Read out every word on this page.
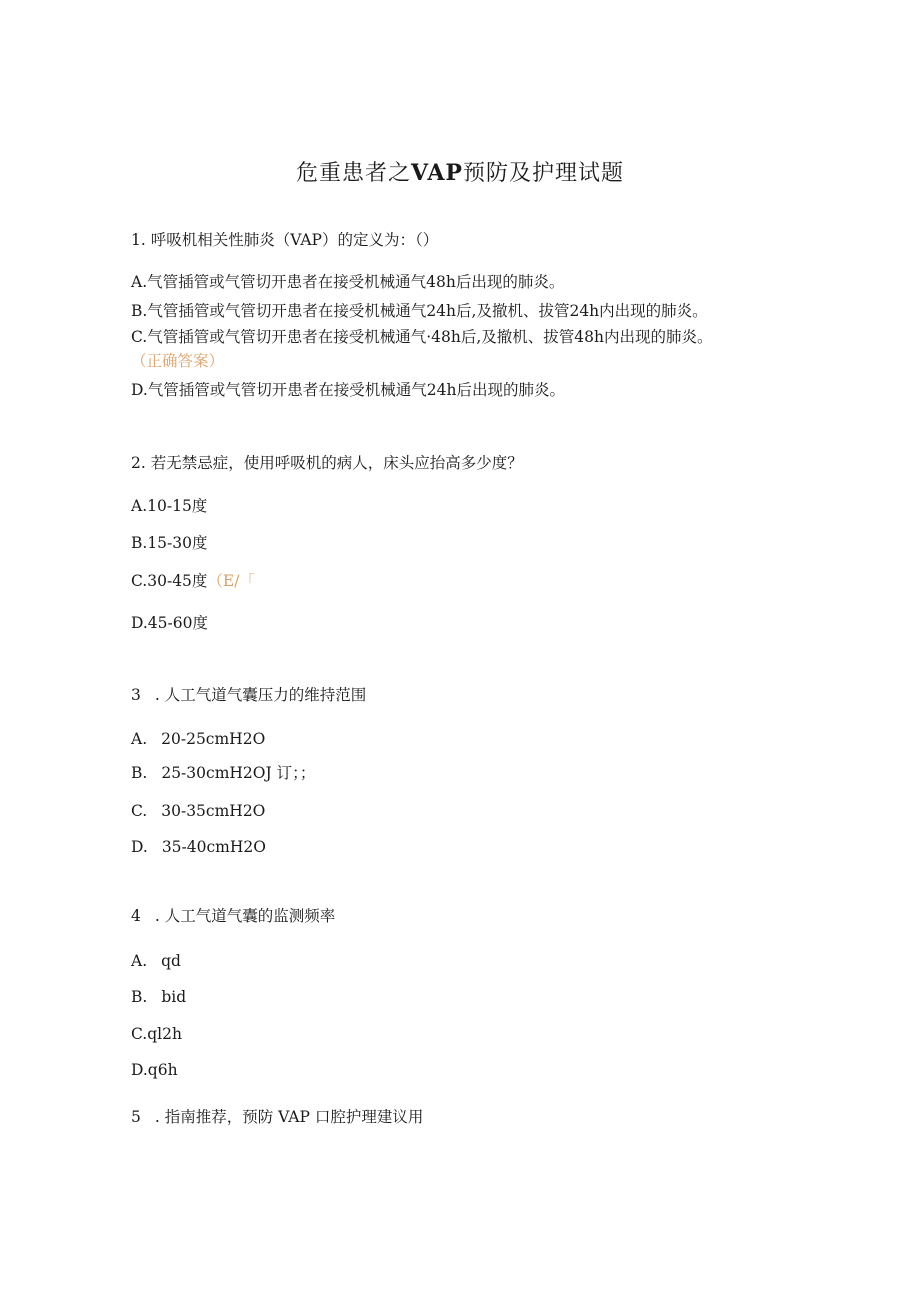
危重患者之VAP预防及护理试题
1. 呼吸机相关性肺炎（VAP）的定义为：（）
A.气管插管或气管切开患者在接受机械通气48h后出现的肺炎。
B.气管插管或气管切开患者在接受机械通气24h后,及撤机、拔管24h内出现的肺炎。
C.气管插管或气管切开患者在接受机械通气·48h后,及撤机、拔管48h内出现的肺炎。
（正确答案）
D.气管插管或气管切开患者在接受机械通气24h后出现的肺炎。
2. 若无禁忌症，使用呼吸机的病人，床头应抬高多少度？
A.10-15度
B.15-30度
C.30-45度（E/「
D.45-60度
3 . 人工气道气囊压力的维持范围
A. 20-25cmH2O
B. 25-30cmH2OJ 订；；
C. 30-35cmH2O
D. 35-40cmH2O
4 . 人工气道气囊的监测频率
A. qd
B. bid
C.ql2h
D.q6h
5 . 指南推荐，预防 VAP 口腔护理建议用
